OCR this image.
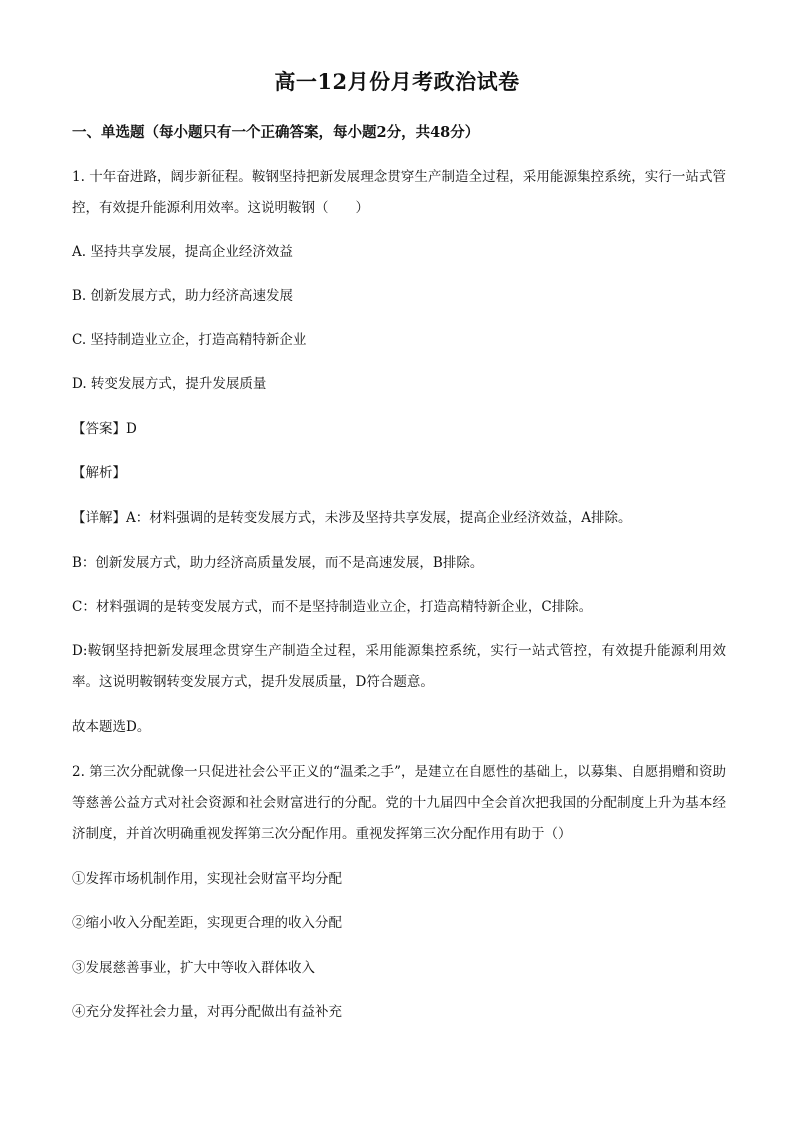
高一12月份月考政治试卷
一、单选题（每小题只有一个正确答案，每小题2分，共48分）
1. 十年奋进路，阔步新征程。鞍钢坚持把新发展理念贯穿生产制造全过程，采用能源集控系统，实行一站式管控，有效提升能源利用效率。这说明鞍钢（　　）
A. 坚持共享发展，提高企业经济效益
B. 创新发展方式，助力经济高速发展
C. 坚持制造业立企，打造高精特新企业
D. 转变发展方式，提升发展质量
【答案】D
【解析】
【详解】A：材料强调的是转变发展方式，未涉及坚持共享发展，提高企业经济效益，A排除。
B：创新发展方式，助力经济高质量发展，而不是高速发展，B排除。
C：材料强调的是转变发展方式，而不是坚持制造业立企，打造高精特新企业，C排除。
D:鞍钢坚持把新发展理念贯穿生产制造全过程，采用能源集控系统，实行一站式管控，有效提升能源利用效率。这说明鞍钢转变发展方式，提升发展质量，D符合题意。
故本题选D。
2. 第三次分配就像一只促进社会公平正义的“温柔之手”，是建立在自愿性的基础上，以募集、自愿捐赠和资助等慈善公益方式对社会资源和社会财富进行的分配。党的十九届四中全会首次把我国的分配制度上升为基本经济制度，并首次明确重视发挥第三次分配作用。重视发挥第三次分配作用有助于（）
①发挥市场机制作用，实现社会财富平均分配
②缩小收入分配差距，实现更合理的收入分配
③发展慈善事业，扩大中等收入群体收入
④充分发挥社会力量，对再分配做出有益补充
